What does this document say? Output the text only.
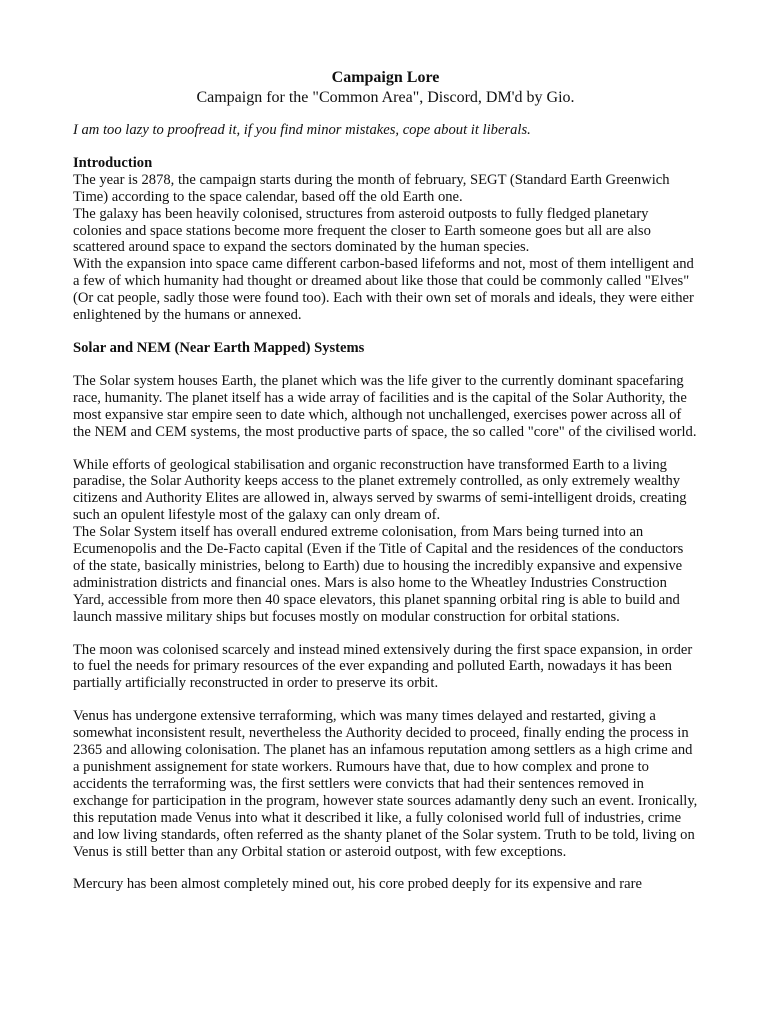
Campaign Lore
Campaign for the "Common Area", Discord, DM'd by Gio.

I am too lazy to proofread it, if you find minor mistakes, cope about it liberals.

Introduction

The year is 2878, the campaign starts during the month of february, SEGT (Standard Earth Greenwich Time) according to the space calendar, based off the old Earth one.

The galaxy has been heavily colonised, structures from asteroid outposts to fully fledged planetary colonies and space stations become more frequent the closer to Earth someone goes but all are also scattered around space to expand the sectors dominated by the human species.

With the expansion into space came different carbon-based lifeforms and not, most of them intelligent and a few of which humanity had thought or dreamed about like those that could be commonly called "Elves" (Or cat people, sadly those were found too). Each with their own set of morals and ideals, they were either enlightened by the humans or annexed.

Solar and NEM (Near Earth Mapped) Systems

The Solar system houses Earth, the planet which was the life giver to the currently dominant spacefaring race, humanity. The planet itself has a wide array of facilities and is the capital of the Solar Authority, the most expansive star empire seen to date which, although not unchallenged, exercises power across all of the NEM and CEM systems, the most productive parts of space, the so called "core" of the civilised world.

While efforts of geological stabilisation and organic reconstruction have transformed Earth to a living paradise, the Solar Authority keeps access to the planet extremely controlled, as only extremely wealthy citizens and Authority Elites are allowed in, always served by swarms of semi-intelligent droids, creating such an opulent lifestyle most of the galaxy can only dream of.

The Solar System itself has overall endured extreme colonisation, from Mars being turned into an Ecumenopolis and the De-Facto capital (Even if the Title of Capital and the residences of the conductors of the state, basically ministries, belong to Earth) due to housing the incredibly expansive and expensive administration districts and financial ones. Mars is also home to the Wheatley Industries Construction Yard, accessible from more then 40 space elevators, this planet spanning orbital ring is able to build and launch massive military ships but focuses mostly on modular construction for orbital stations.

The moon was colonised scarcely and instead mined extensively during the first space expansion, in order to fuel the needs for primary resources of the ever expanding and polluted Earth, nowadays it has been partially artificially reconstructed in order to preserve its orbit.

Venus has undergone extensive terraforming, which was many times delayed and restarted, giving a somewhat inconsistent result, nevertheless the Authority decided to proceed, finally ending the process in 2365 and allowing colonisation. The planet has an infamous reputation among settlers as a high crime and a punishment assignement for state workers. Rumours have that, due to how complex and prone to accidents the terraforming was, the first settlers were convicts that had their sentences removed in exchange for participation in the program, however state sources adamantly deny such an event. Ironically, this reputation made Venus into what it described it like, a fully colonised world full of industries, crime and low living standards, often referred as the shanty planet of the Solar system. Truth to be told, living on Venus is still better than any Orbital station or asteroid outpost, with few exceptions.

Mercury has been almost completely mined out, his core probed deeply for its expensive and rare
